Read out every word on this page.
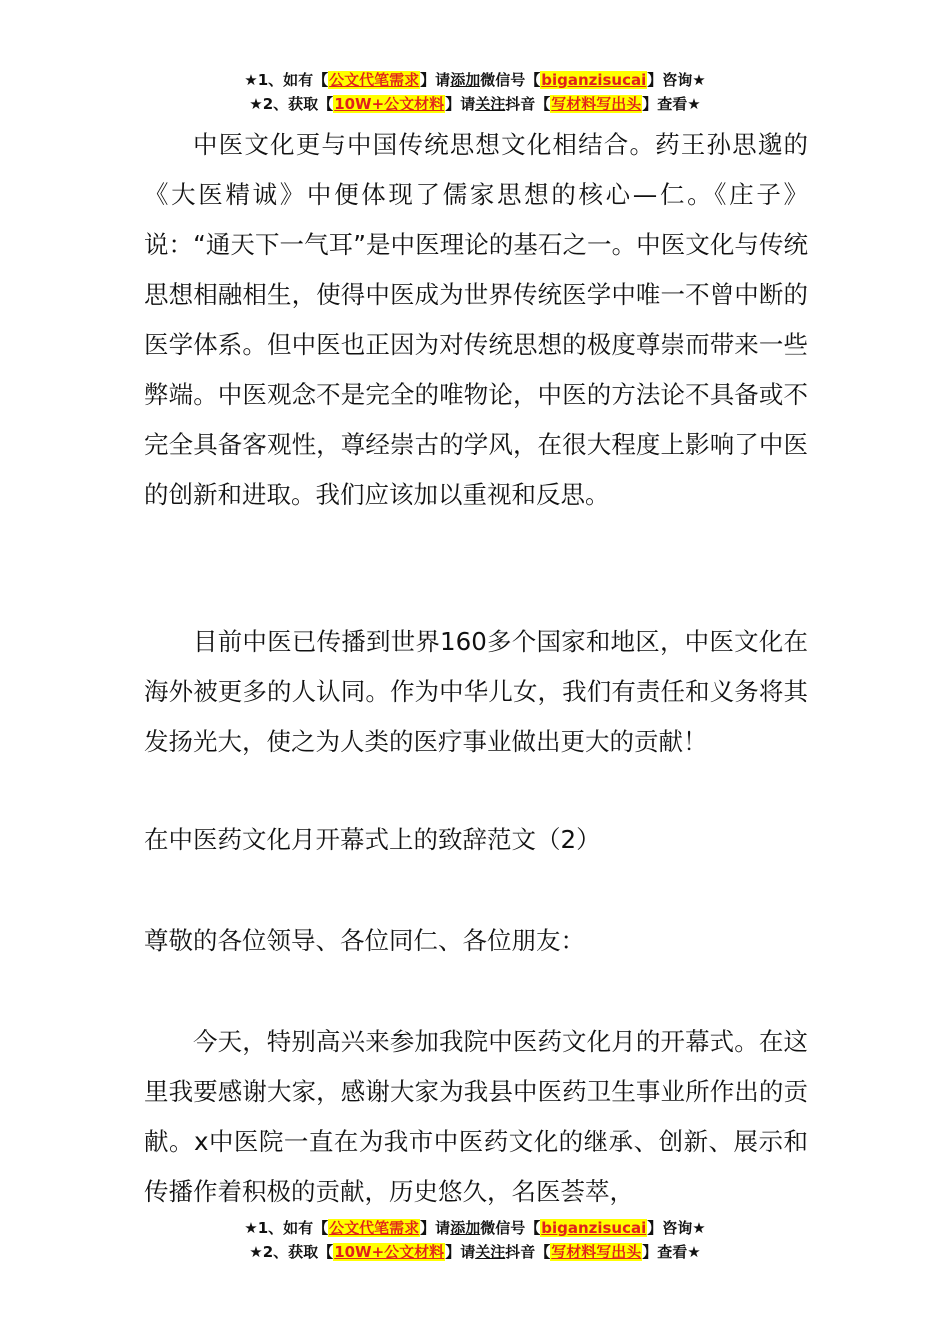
★1、如有【公文代笔需求】请添加微信号【biganzisucai】咨询★
★2、获取【10W+公文材料】请关注抖音【写材料写出头】查看★

中医文化更与中国传统思想文化相结合。药王孙思邈的《大医精诚》中便体现了儒家思想的核心—仁。《庄子》说：“通天下一气耳”是中医理论的基石之一。中医文化与传统思想相融相生，使得中医成为世界传统医学中唯一不曾中断的医学体系。但中医也正因为对传统思想的极度尊崇而带来一些弊端。中医观念不是完全的唯物论，中医的方法论不具备或不完全具备客观性，尊经崇古的学风，在很大程度上影响了中医的创新和进取。我们应该加以重视和反思。

目前中医已传播到世界160多个国家和地区，中医文化在海外被更多的人认同。作为中华儿女，我们有责任和义务将其发扬光大，使之为人类的医疗事业做出更大的贡献！

在中医药文化月开幕式上的致辞范文（2）

尊敬的各位领导、各位同仁、各位朋友：

今天，特别高兴来参加我院中医药文化月的开幕式。在这里我要感谢大家，感谢大家为我县中医药卫生事业所作出的贡献。x中医院一直在为我市中医药文化的继承、创新、展示和传播作着积极的贡献，历史悠久，名医荟萃，

★1、如有【公文代笔需求】请添加微信号【biganzisucai】咨询★
★2、获取【10W+公文材料】请关注抖音【写材料写出头】查看★
